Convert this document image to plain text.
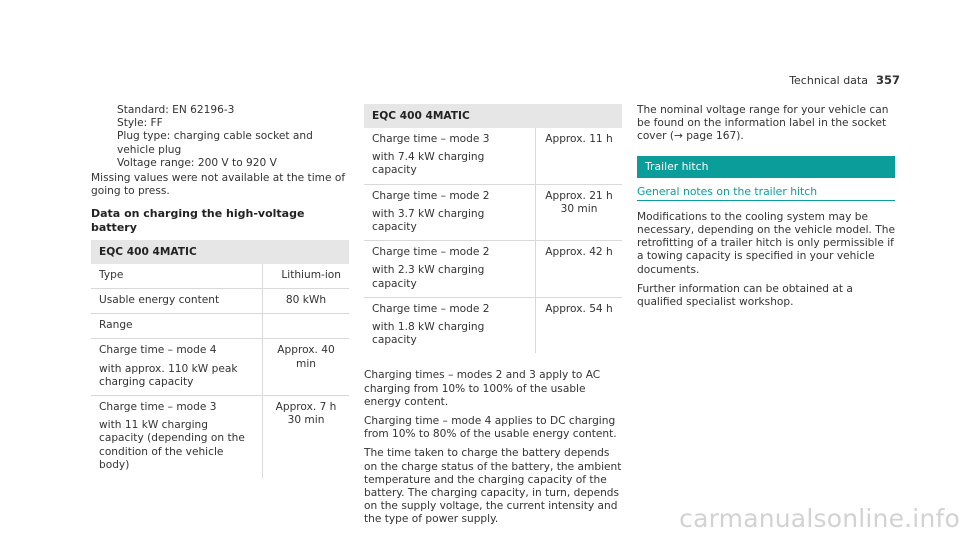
Technical data 357
Standard: EN 62196-3
Style: FF
Plug type: charging cable socket and vehicle plug
Voltage range: 200 V to 920 V

Missing values were not available at the time of going to press.

Data on charging the high-voltage battery
EQC 400 4MATIC
Type	Lithium-ion
Usable energy content	80 kWh
Range
Charge time – mode 4
with approx. 110 kW peak charging capacity
Approx. 40 min
Charge time – mode 3
with 11 kW charging capacity (depending on the condition of the vehicle body)
Approx. 7 h 30 min
EQC 400 4MATIC
Charge time – mode 3
with 7.4 kW charging capacity
Approx. 11 h
Charge time – mode 2
with 3.7 kW charging capacity
Approx. 21 h 30 min
Charge time – mode 2
with 2.3 kW charging capacity
Approx. 42 h
Charge time – mode 2
with 1.8 kW charging capacity
Approx. 54 h

Charging times – modes 2 and 3 apply to AC charging from 10% to 100% of the usable energy content.

Charging time – mode 4 applies to DC charging from 10% to 80% of the usable energy content.

The time taken to charge the battery depends on the charge status of the battery, the ambient temperature and the charging capacity of the battery. The charging capacity, in turn, depends on the supply voltage, the current intensity and the type of power supply.

The nominal voltage range for your vehicle can be found on the information label in the socket cover (→ page 167).

Trailer hitch
General notes on the trailer hitch

Modifications to the cooling system may be necessary, depending on the vehicle model. The retrofitting of a trailer hitch is only permissible if a towing capacity is specified in your vehicle documents.

Further information can be obtained at a qualified specialist workshop.

carmanualsonline.info
